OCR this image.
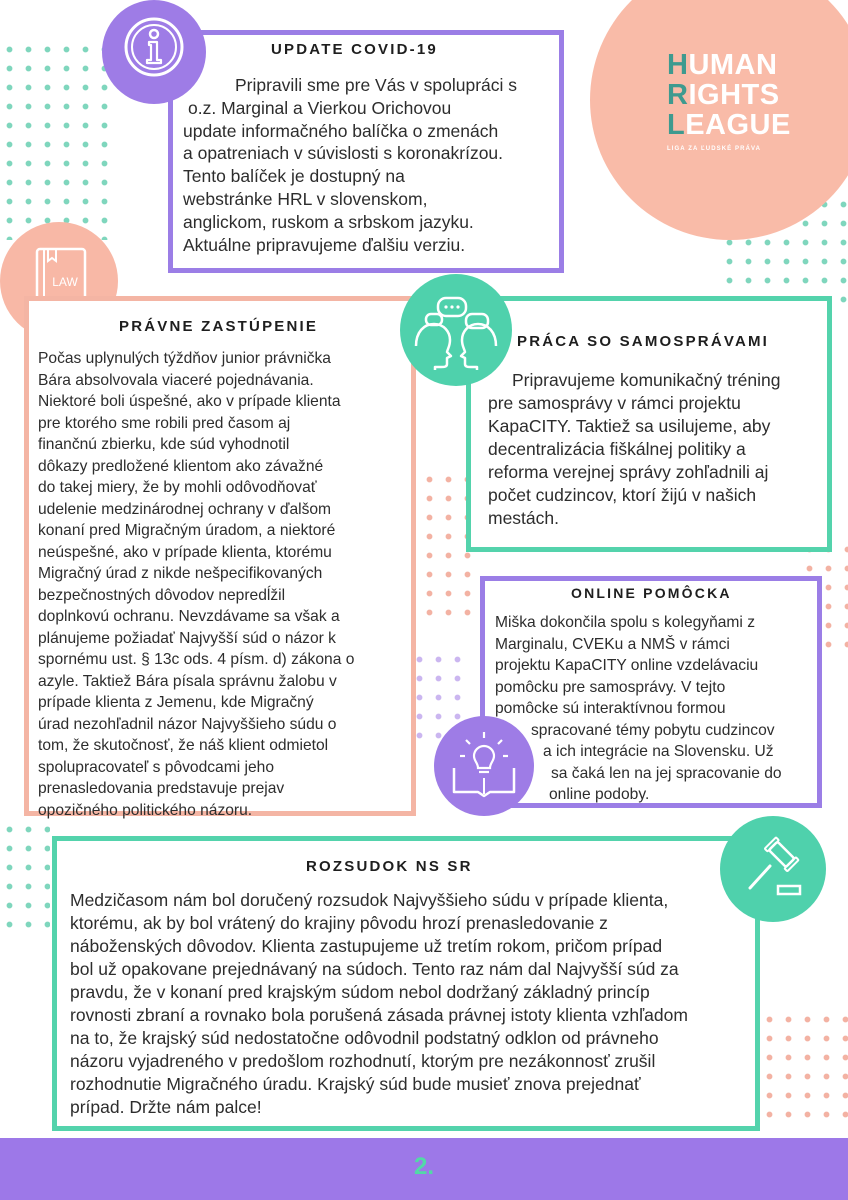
HUMAN
RIGHTS
LEAGUE
LIGA ZA ĽUDSKÉ PRÁVA
UPDATE COVID-19

Pripravili sme pre Vás v spolupráci s

o.z. Marginal a Vierkou Orichovou

update informačného balíčka o zmenách

a opatreniach v súvislosti s koronakrízou.

Tento balíček je dostupný na

webstránke HRL v slovenskom,

anglickom, ruskom a srbskom jazyku.

Aktuálne pripravujeme ďalšiu verziu.

LAW
PRÁVNE ZASTÚPENIE

Počas uplynulých týždňov junior právnička

Bára absolvovala viaceré pojednávania.

Niektoré boli úspešné, ako v prípade klienta

pre ktorého sme robili pred časom aj

finančnú zbierku, kde súd vyhodnotil

dôkazy predložené klientom ako závažné

do takej miery, že by mohli odôvodňovať

udelenie medzinárodnej ochrany v ďalšom

konaní pred Migračným úradom, a niektoré

neúspešné, ako v prípade klienta, ktorému

Migračný úrad z nikde nešpecifikovaných

bezpečnostných dôvodov nepredĺžil

doplnkovú ochranu. Nevzdávame sa však a

plánujeme požiadať Najvyšší súd o názor k

spornému ust. § 13c ods. 4 písm. d) zákona o

azyle. Taktiež Bára písala správnu žalobu v

prípade klienta z Jemenu, kde Migračný

úrad nezohľadnil názor Najvyššieho súdu o

tom, že skutočnosť, že náš klient odmietol

spolupracovateľ s pôvodcami jeho

prenasledovania predstavuje prejav

opozičného politického názoru.

PRÁCA SO SAMOSPRÁVAMI

Pripravujeme komunikačný tréning

pre samosprávy v rámci projektu

KapaCITY. Taktiež sa usilujeme, aby

decentralizácia fiškálnej politiky a

reforma verejnej správy zohľadnili aj

počet cudzincov, ktorí žijú v našich

mestách.

ONLINE POMÔCKA

Miška dokončila spolu s kolegyňami z

Marginalu, CVEKu a NMŠ v rámci

projektu KapaCITY online vzdelávaciu

pomôcku pre samosprávy. V tejto

pomôcke sú interaktívnou formou

spracované témy pobytu cudzincov

a ich integrácie na Slovensku. Už

sa čaká len na jej spracovanie do

online podoby.

ROZSUDOK NS SR

Medzičasom nám bol doručený rozsudok Najvyššieho súdu v prípade klienta,

ktorému, ak by bol vrátený do krajiny pôvodu hrozí prenasledovanie z

náboženských dôvodov. Klienta zastupujeme už tretím rokom, pričom prípad

bol už opakovane prejednávaný na súdoch. Tento raz nám dal Najvyšší súd za

pravdu, že v konaní pred krajským súdom nebol dodržaný základný princíp

rovnosti zbraní a rovnako bola porušená zásada právnej istoty klienta vzhľadom

na to, že krajský súd nedostatočne odôvodnil podstatný odklon od právneho

názoru vyjadreného v predošlom rozhodnutí, ktorým pre nezákonnosť zrušil

rozhodnutie Migračného úradu. Krajský súd bude musieť znova prejednať

prípad. Držte nám palce!

2.
